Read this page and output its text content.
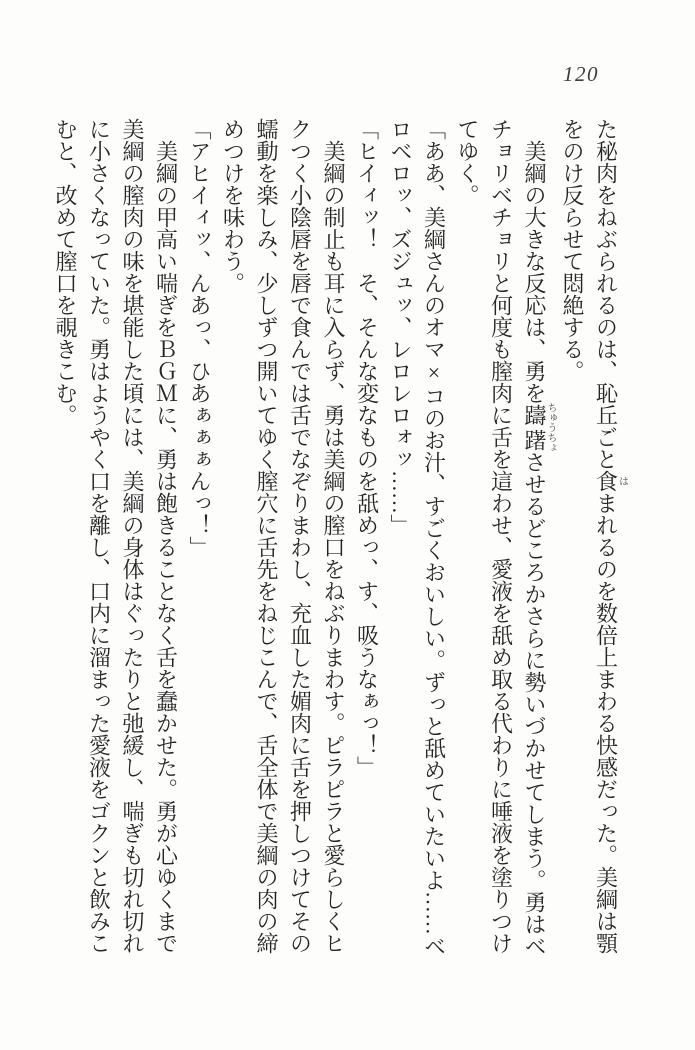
120

た秘肉をねぶられるのは、恥丘ごと食はまれるのを数倍上まわる快感だった。美綱は顎

をのけ反らせて悶絶する。

　美綱の大きな反応は、勇を躊躇ちゅうちょさせるどころかさらに勢いづかせてしまう。勇はベ

チョリベチョリと何度も膣肉に舌を這わせ、愛液を舐め取る代わりに唾液を塗りつけ

てゆく。

「ああ、美綱さんのオマ×コのお汁、すごくおいしい。ずっと舐めていたいよ……ベ

ロベロッ、ズジュッ、レロレロォッ……」

「ヒイィッ！　そ、そんな変なものを舐めっ、す、吸うなぁっ！」

　美綱の制止も耳に入らず、勇は美綱の膣口をねぶりまわす。ピラピラと愛らしくヒ

クつく小陰唇を唇で食んでは舌でなぞりまわし、充血した媚肉に舌を押しつけてその

蠕動を楽しみ、少しずつ開いてゆく膣穴に舌先をねじこんで、舌全体で美綱の肉の締

めつけを味わう。

「アヒイィッ、んあっ、ひあぁぁぁんっ！」

　美綱の甲高い喘ぎをＢＧＭに、勇は飽きることなく舌を蠢かせた。勇が心ゆくまで

美綱の膣肉の味を堪能した頃には、美綱の身体はぐったりと弛緩し、喘ぎも切れ切れ

に小さくなっていた。勇はようやく口を離し、口内に溜まった愛液をゴクンと飲みこ

むと、改めて膣口を覗きこむ。
